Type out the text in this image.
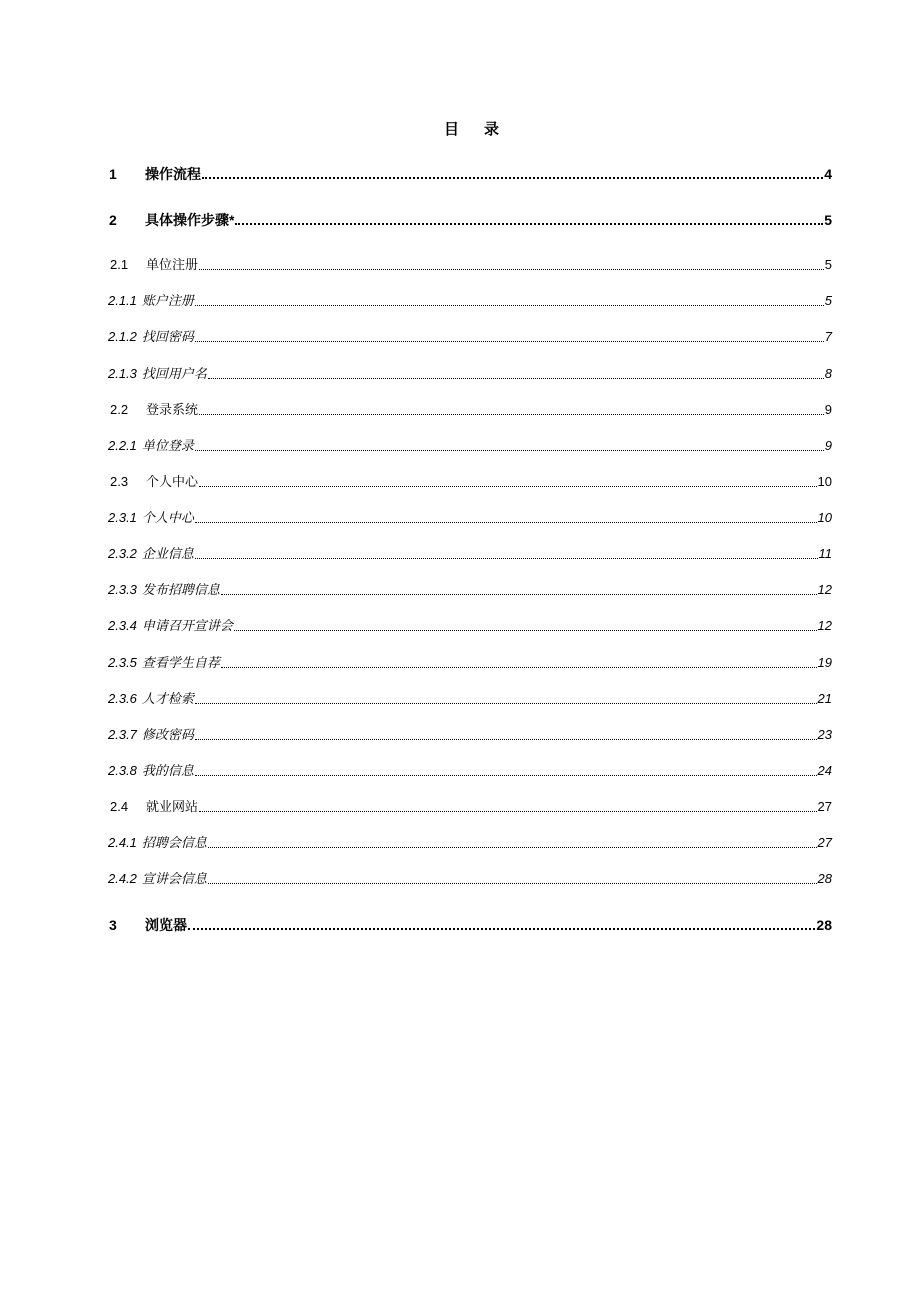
目 录
1	操作流程	4
2	具体操作步骤*	5
2.1	单位注册	5
2.1.1 账户注册	5
2.1.2 找回密码	7
2.1.3 找回用户名	8
2.2	登录系统	9
2.2.1 单位登录	9
2.3	个人中心	10
2.3.1 个人中心	10
2.3.2 企业信息	11
2.3.3 发布招聘信息	12
2.3.4 申请召开宣讲会	12
2.3.5 查看学生自荐	19
2.3.6 人才检索	21
2.3.7 修改密码	23
2.3.8 我的信息	24
2.4	就业网站	27
2.4.1 招聘会信息	27
2.4.2 宣讲会信息	28
3	浏览器	28
